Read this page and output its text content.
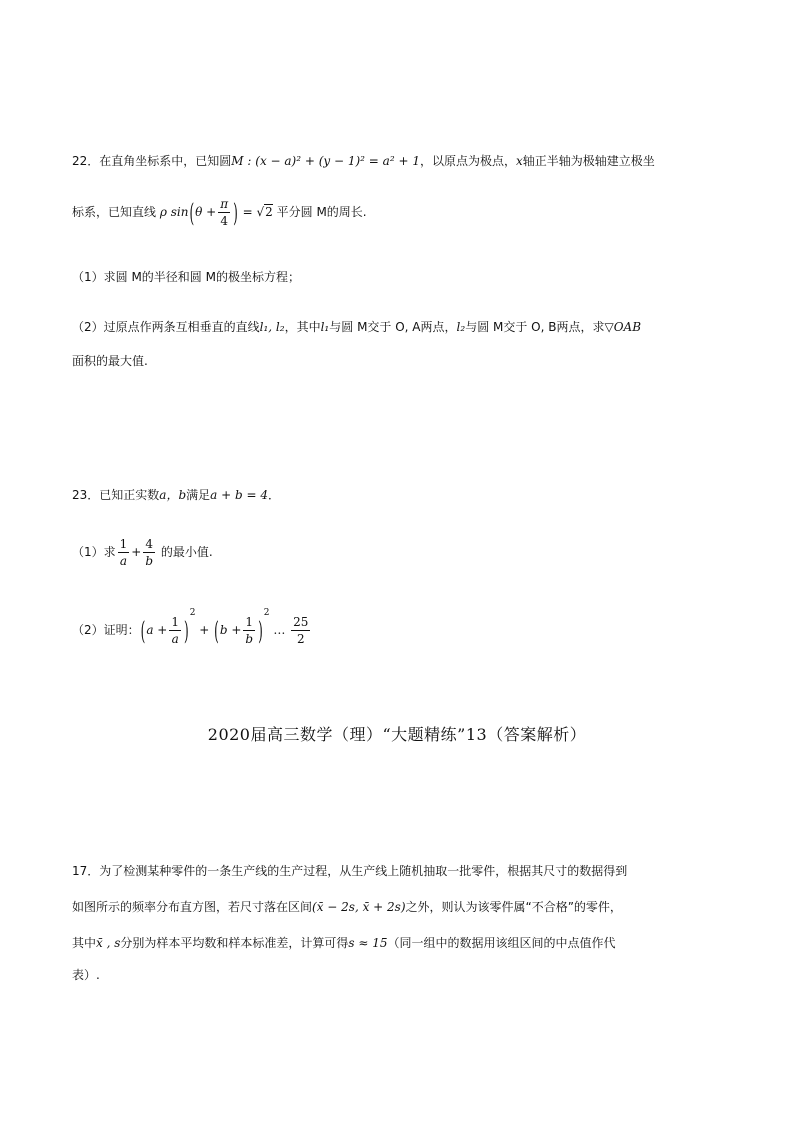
22．在直角坐标系中，已知圆M : (x − a)² + (y − 1)² = a² + 1，以原点为极点，x轴正半轴为极轴建立极坐
标系，已知直线 ρ $\sin(\theta + \frac{\pi}{4}$ ) = √2 平分圆 M的周长.
（1）求圆 M的半径和圆 M的极坐标方程；
（2）过原点作两条互相垂直的直线l₁, l₂，其中l₁与圆 M交于 O, A两点，l₂与圆 M交于 O, B两点，求▽OAB
面积的最大值.
23．已知正实数a，b满足a + b = 4．
（1）求 $\frac{1}{a} + \frac{4}{b}$ 的最小值.
（2）证明：$(a + \frac{1}{a} )^2 + (b + \frac{1}{b} )^2$ … $\frac{25}{2}$
2020届高三数学（理）“大题精练”13（答案解析）
17．为了检测某种零件的一条生产线的生产过程，从生产线上随机抽取一批零件，根据其尺寸的数据得到
如图所示的频率分布直方图，若尺寸落在区间(x̄ − 2s, x̄ + 2s)之外，则认为该零件属“不合格”的零件，
其中x̄ , s分别为样本平均数和样本标准差，计算可得s ≈ 15（同一组中的数据用该组区间的中点值作代
表）.
